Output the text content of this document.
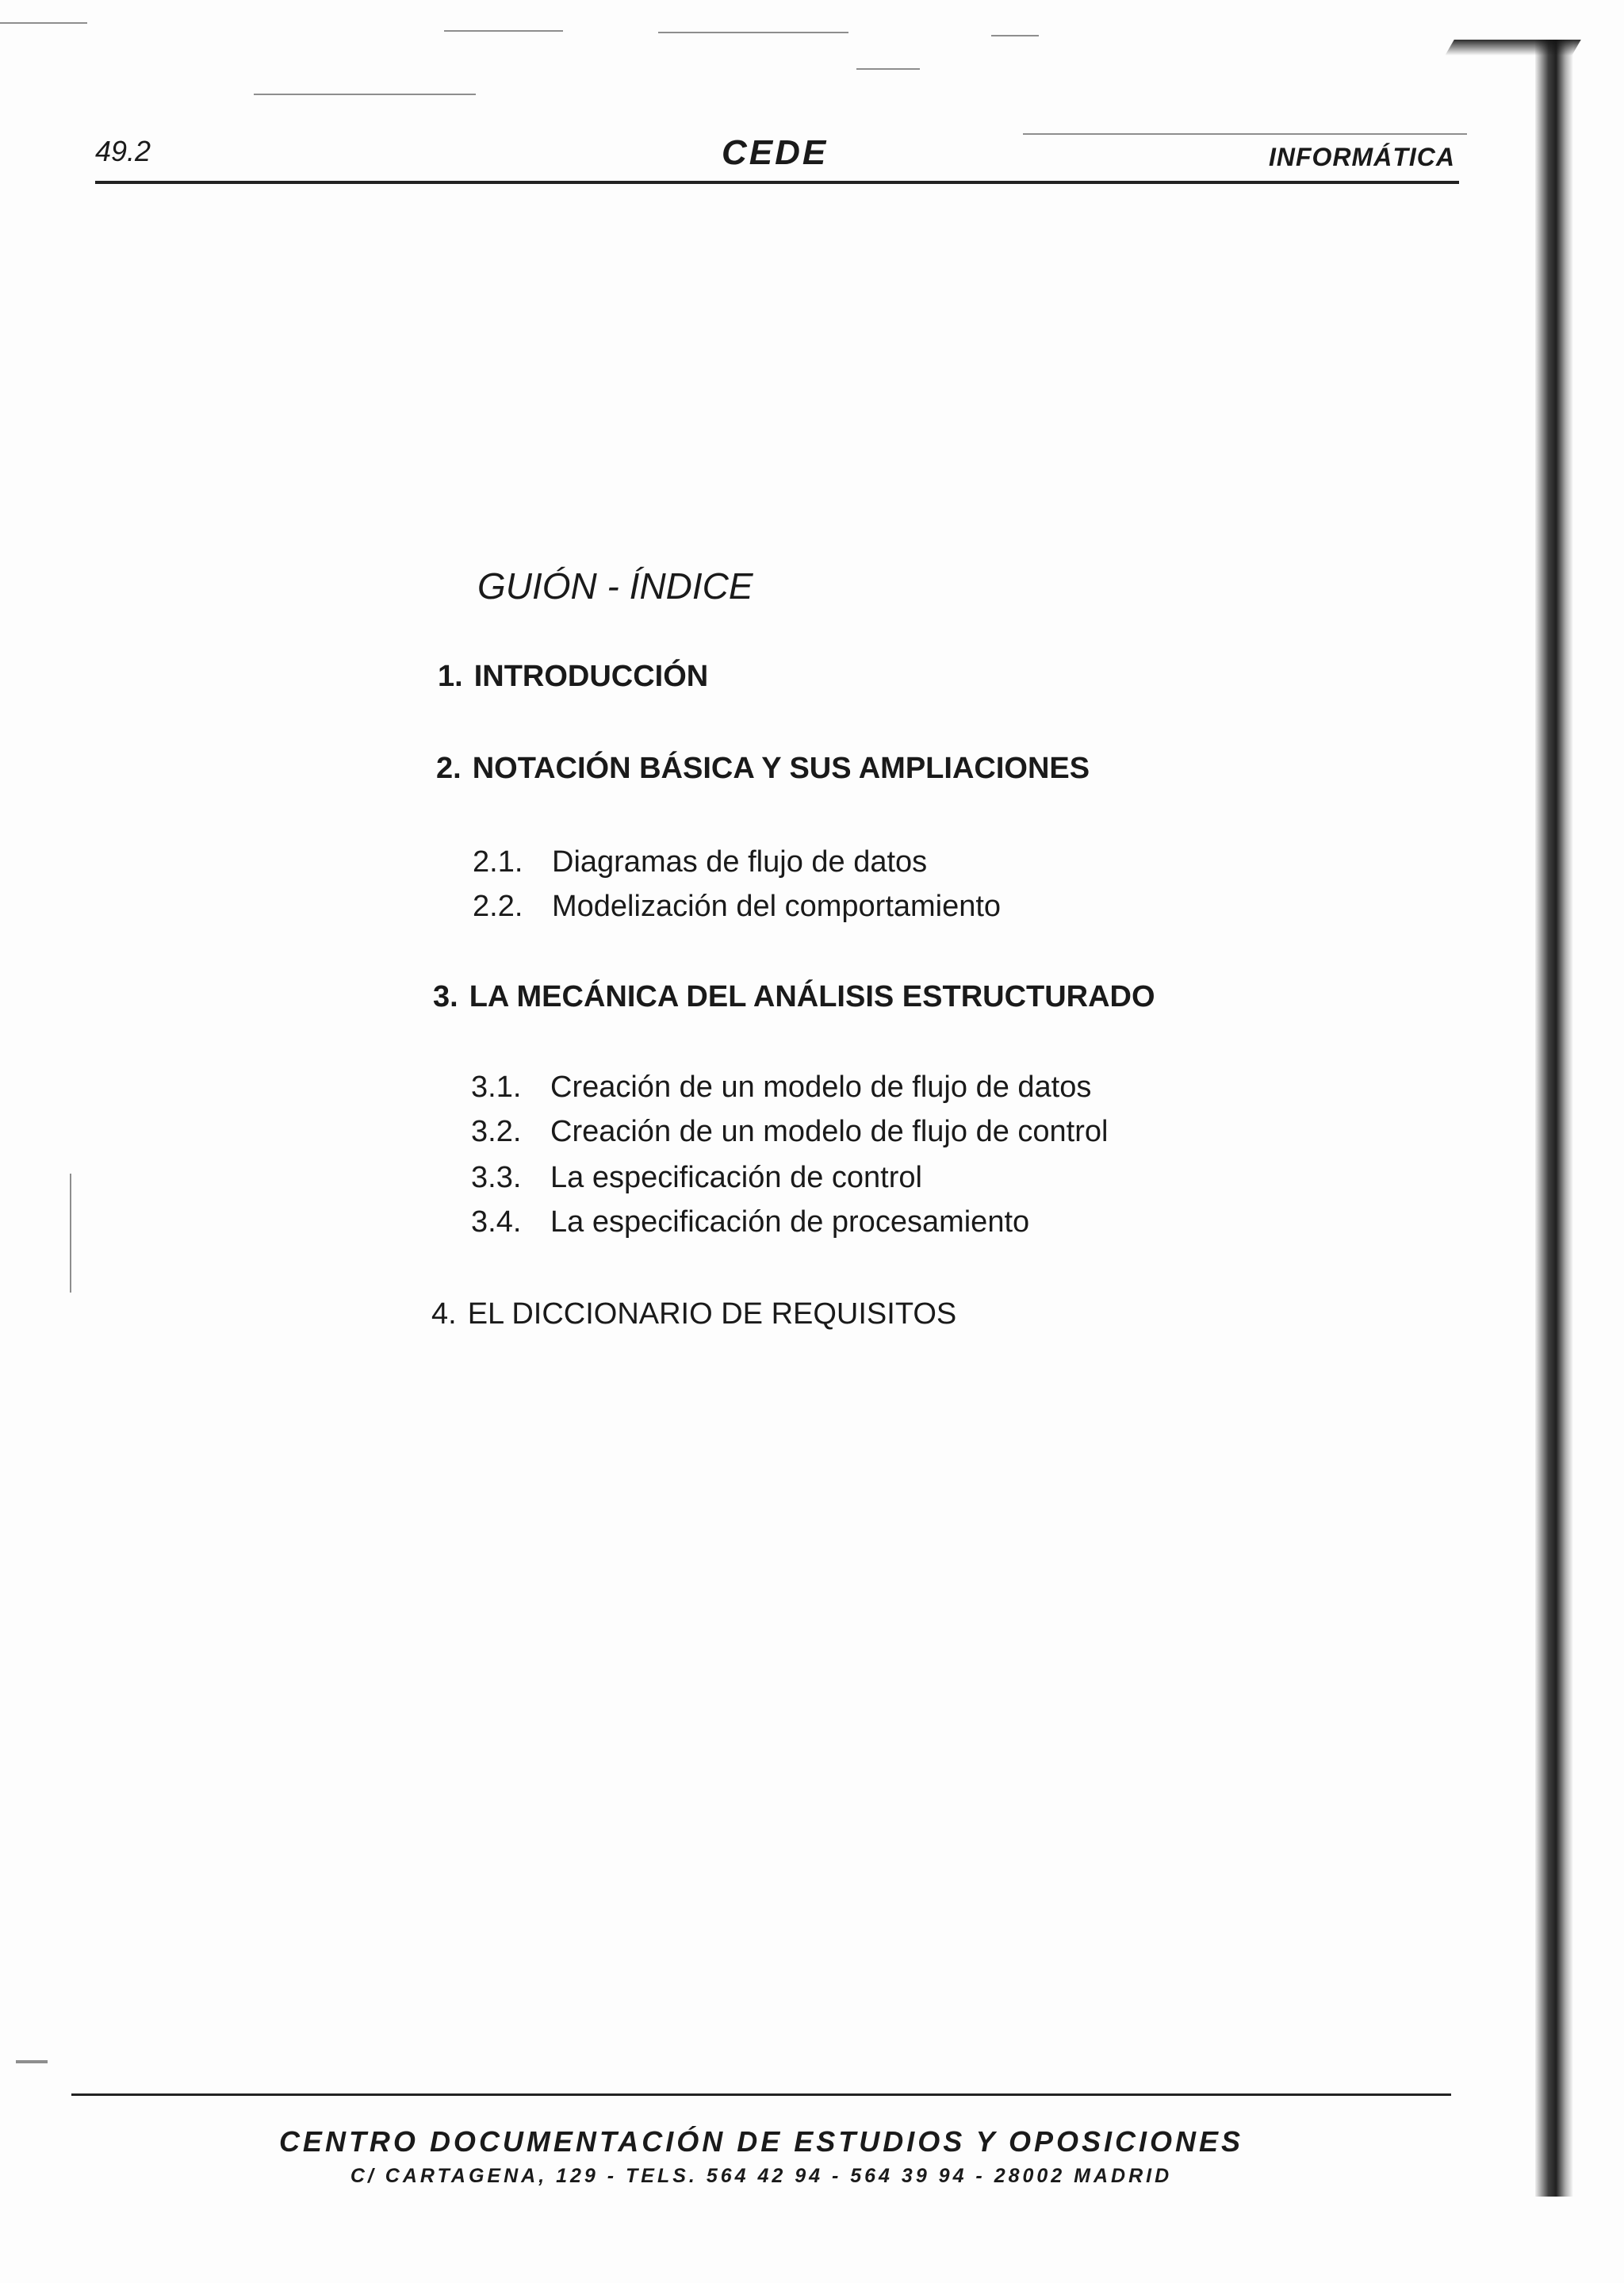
49.2	CEDE	INFORMÁTICA
GUIÓN - ÍNDICE
1. INTRODUCCIÓN
2. NOTACIÓN BÁSICA Y SUS AMPLIACIONES
2.1. Diagramas de flujo de datos
2.2. Modelización del comportamiento
3. LA MECÁNICA DEL ANÁLISIS ESTRUCTURADO
3.1. Creación de un modelo de flujo de datos
3.2. Creación de un modelo de flujo de control
3.3. La especificación de control
3.4. La especificación de procesamiento
4. EL DICCIONARIO DE REQUISITOS
CENTRO DOCUMENTACIÓN DE ESTUDIOS Y OPOSICIONES
C/ CARTAGENA, 129 - TELS. 564 42 94 - 564 39 94 - 28002 MADRID
